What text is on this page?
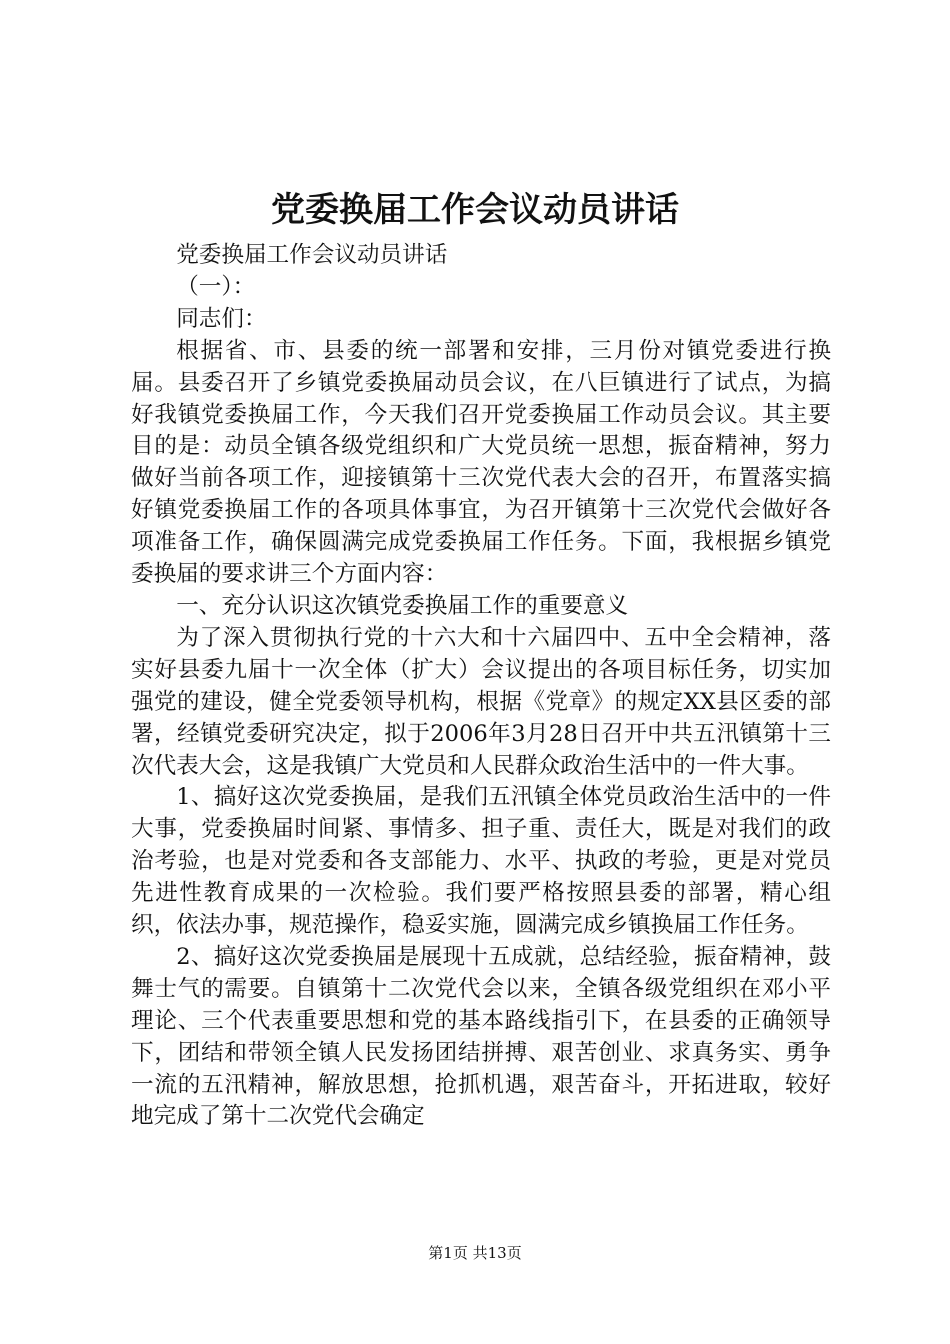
党委换届工作会议动员讲话

党委换届工作会议动员讲话

（一）：

同志们：

根据省、市、县委的统一部署和安排，三月份对镇党委进行换届。县委召开了乡镇党委换届动员会议，在八巨镇进行了试点，为搞好我镇党委换届工作，今天我们召开党委换届工作动员会议。其主要目的是：动员全镇各级党组织和广大党员统一思想，振奋精神，努力做好当前各项工作，迎接镇第十三次党代表大会的召开，布置落实搞好镇党委换届工作的各项具体事宜，为召开镇第十三次党代会做好各项准备工作，确保圆满完成党委换届工作任务。下面，我根据乡镇党委换届的要求讲三个方面内容：

一、充分认识这次镇党委换届工作的重要意义

为了深入贯彻执行党的十六大和十六届四中、五中全会精神，落实好县委九届十一次全体（扩大）会议提出的各项目标任务，切实加强党的建设，健全党委领导机构，根据《党章》的规定XX县区委的部署，经镇党委研究决定，拟于2006年3月28日召开中共五汛镇第十三次代表大会，这是我镇广大党员和人民群众政治生活中的一件大事。

1、搞好这次党委换届，是我们五汛镇全体党员政治生活中的一件大事，党委换届时间紧、事情多、担子重、责任大，既是对我们的政治考验，也是对党委和各支部能力、水平、执政的考验，更是对党员先进性教育成果的一次检验。我们要严格按照县委的部署，精心组织，依法办事，规范操作，稳妥实施，圆满完成乡镇换届工作任务。

2、搞好这次党委换届是展现十五成就，总结经验，振奋精神，鼓舞士气的需要。自镇第十二次党代会以来，全镇各级党组织在邓小平理论、三个代表重要思想和党的基本路线指引下，在县委的正确领导下，团结和带领全镇人民发扬团结拼搏、艰苦创业、求真务实、勇争一流的五汛精神，解放思想，抢抓机遇，艰苦奋斗，开拓进取，较好地完成了第十二次党代会确定

第1页 共13页
